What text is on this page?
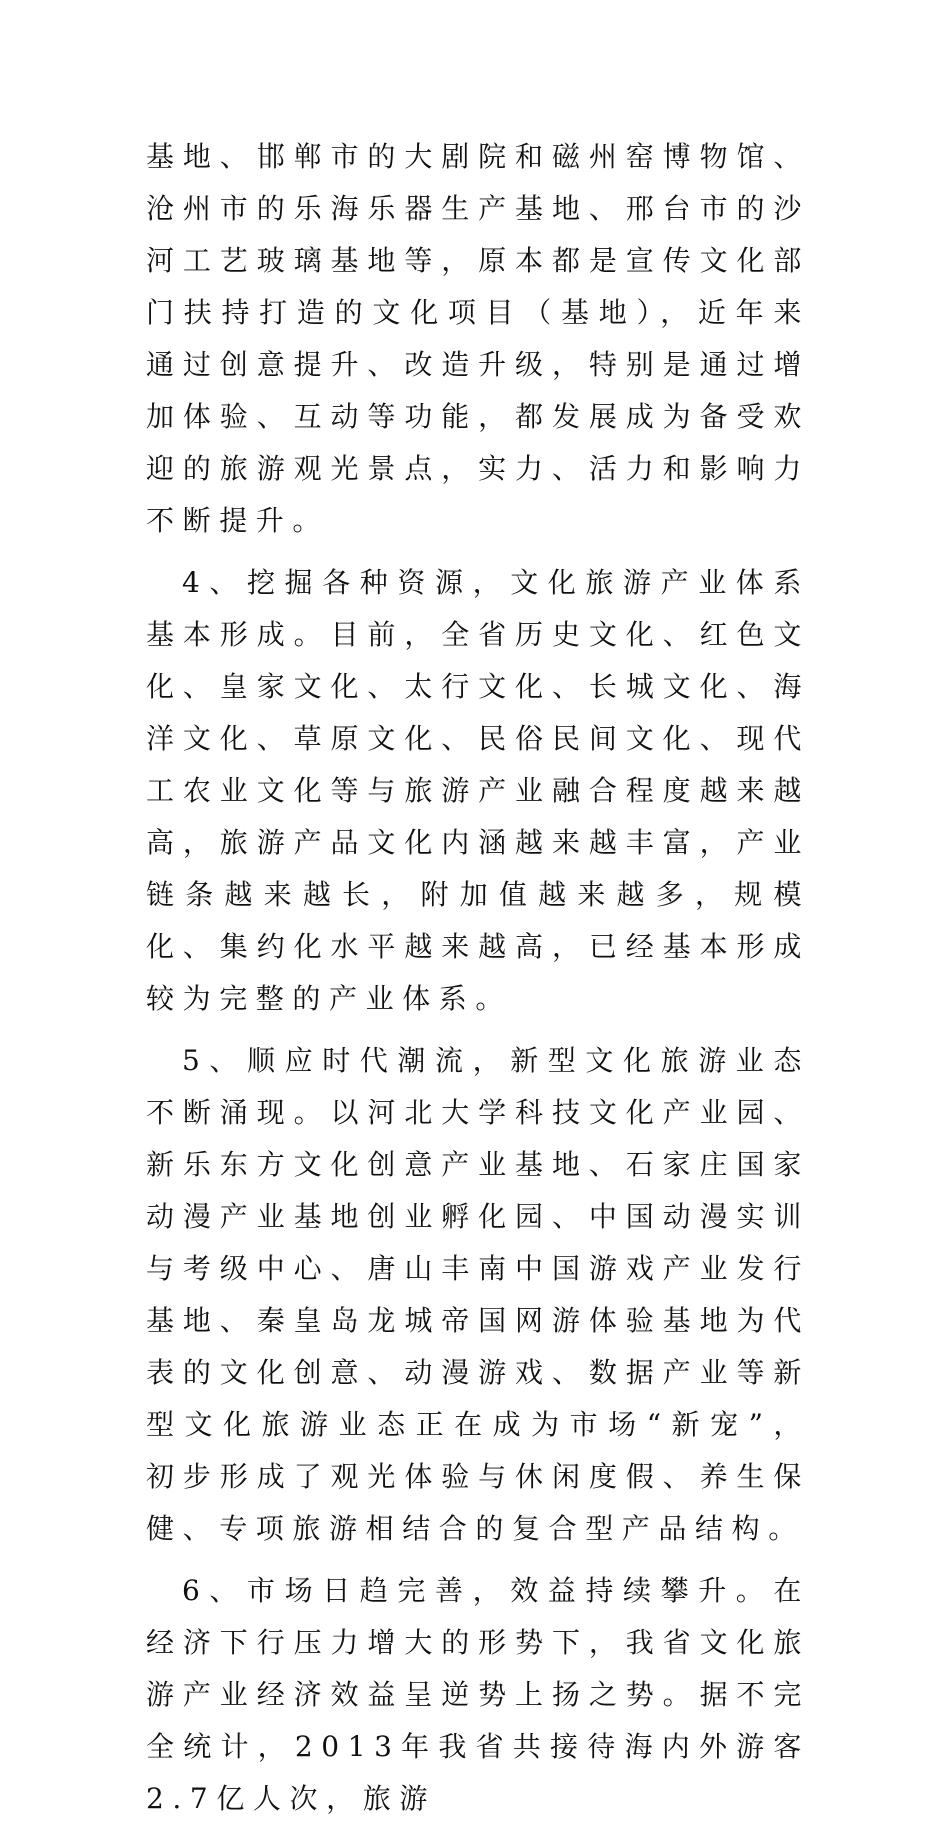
基地、邯郸市的大剧院和磁州窑博物馆、沧州市的乐海乐器生产基地、邢台市的沙河工艺玻璃基地等，原本都是宣传文化部门扶持打造的文化项目（基地），近年来通过创意提升、改造升级，特别是通过增加体验、互动等功能，都发展成为备受欢迎的旅游观光景点，实力、活力和影响力不断提升。

4、挖掘各种资源，文化旅游产业体系基本形成。目前，全省历史文化、红色文化、皇家文化、太行文化、长城文化、海洋文化、草原文化、民俗民间文化、现代工农业文化等与旅游产业融合程度越来越高，旅游产品文化内涵越来越丰富，产业链条越来越长，附加值越来越多，规模化、集约化水平越来越高，已经基本形成较为完整的产业体系。

5、顺应时代潮流，新型文化旅游业态不断涌现。以河北大学科技文化产业园、新乐东方文化创意产业基地、石家庄国家动漫产业基地创业孵化园、中国动漫实训与考级中心、唐山丰南中国游戏产业发行基地、秦皇岛龙城帝国网游体验基地为代表的文化创意、动漫游戏、数据产业等新型文化旅游业态正在成为市场“新宠”，初步形成了观光体验与休闲度假、养生保健、专项旅游相结合的复合型产品结构。

6、市场日趋完善，效益持续攀升。在经济下行压力增大的形势下，我省文化旅游产业经济效益呈逆势上扬之势。据不完全统计，2013年我省共接待海内外游客2.7亿人次，旅游
